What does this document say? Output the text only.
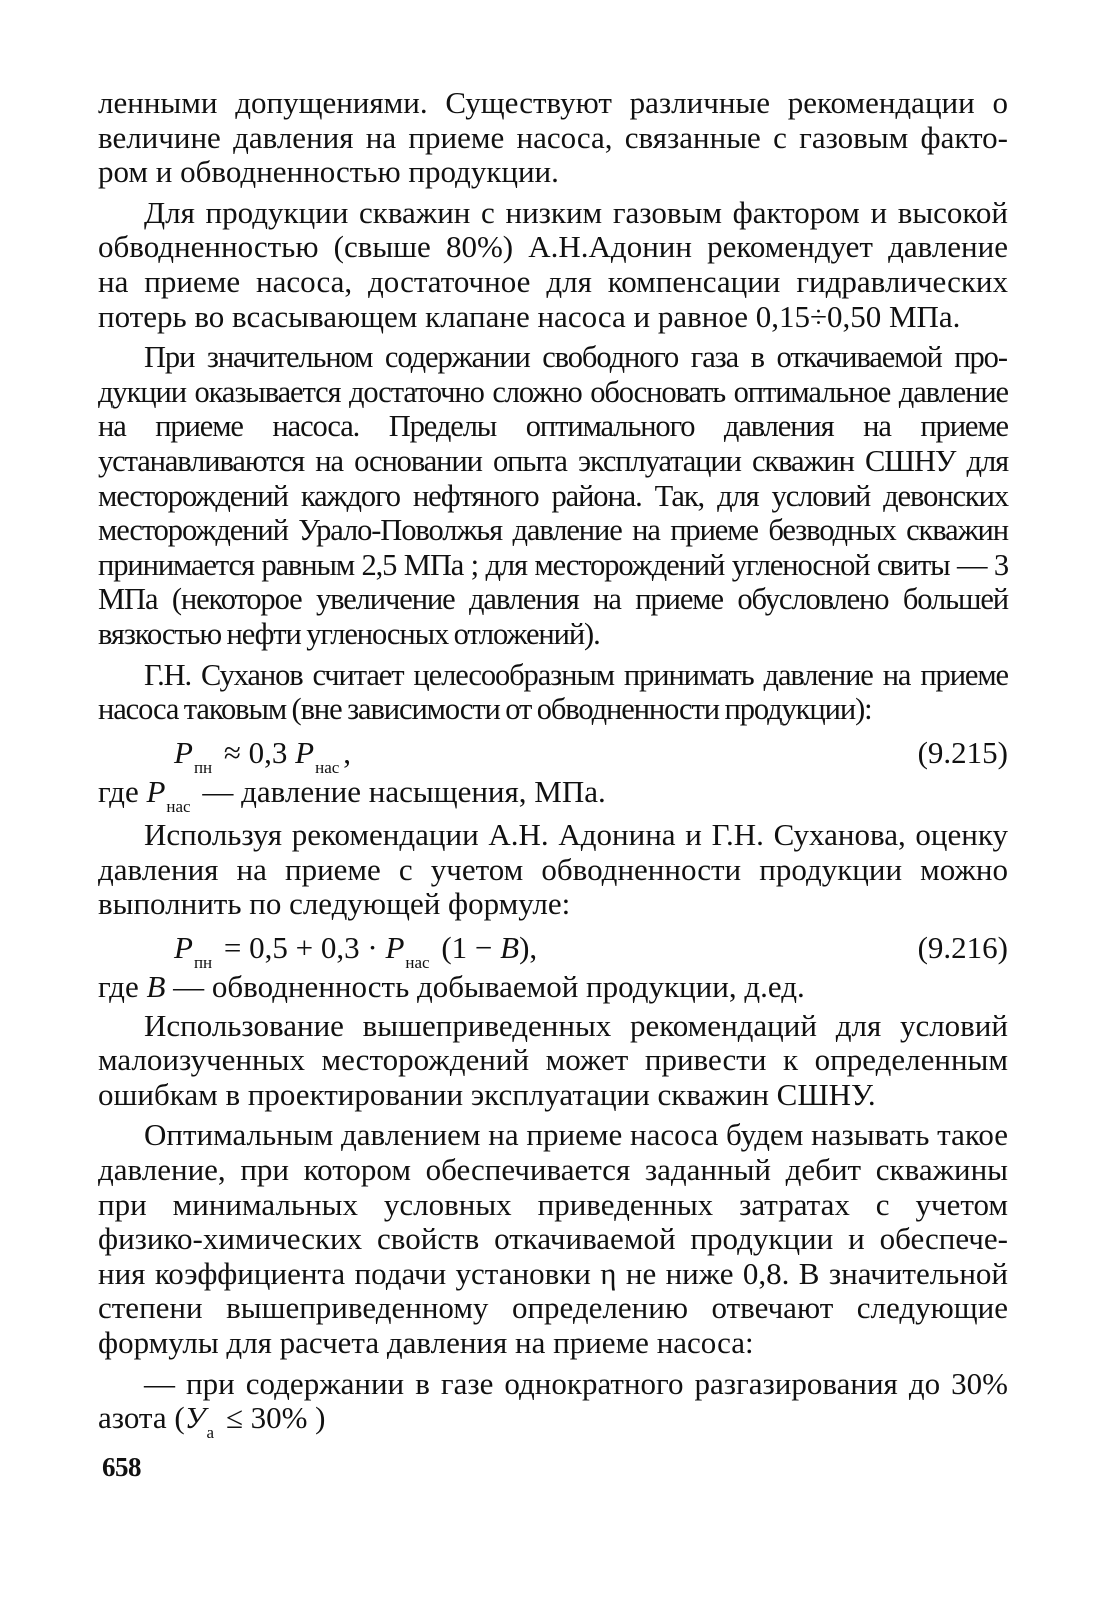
ленными допущениями. Существуют различные рекомендации о величине давления на приеме насоса, связанные с газовым фактором и обводненностью продукции.

Для продукции скважин с низким газовым фактором и высокой обводненностью (свыше 80%) А.Н.Адонин рекомендует давление на приеме насоса, достаточное для компенсации гидравлических потерь во всасывающем клапане насоса и равное 0,15÷0,50 МПа.

При значительном содержании свободного газа в откачиваемой продукции оказывается достаточно сложно обосновать оптимальное давление на приеме насоса. Пределы оптимального давления на приеме устанавливаются на основании опыта эксплуатации скважин СШНУ для месторождений каждого нефтяного района. Так, для условий девонских месторождений Урало-Поволжья давление на приеме безводных скважин принимается равным 2,5 МПа ; для месторождений угленосной свиты — 3 МПа (некоторое увеличение давления на приеме обусловлено большей вязкостью нефти угленосных отложений).

Г.Н. Суханов считает целесообразным принимать давление на приеме насоса таковым (вне зависимости от обводненности продукции):

$P_{пн} \approx 0,3$ $P_{нас}$ ,	(9.215)

где $P_{нас}$ — давление насыщения, МПа.

Используя рекомендации А.Н. Адонина и Г.Н. Суханова, оценку давления на приеме с учетом обводненности продукции можно выполнить по следующей формуле:

$P_{пн} = 0,5 + 0,3 \cdot P_{нас}$ (1 − B),	(9.216)

где B — обводненность добываемой продукции, д.ед.

Использование вышеприведенных рекомендаций для условий малоизученных месторождений может привести к определенным ошибкам в проектировании эксплуатации скважин СШНУ.

Оптимальным давлением на приеме насоса будем называть такое давление, при котором обеспечивается заданный дебит скважины при минимальных условных приведенных затратах с учетом физико-химических свойств откачиваемой продукции и обеспечения коэффициента подачи установки η не ниже 0,8. В значительной степени вышеприведенному определению отвечают следующие формулы для расчета давления на приеме насоса:

— при содержании в газе однократного разгазирования до 30% азота ($У_а \le 30\%$ )

658
